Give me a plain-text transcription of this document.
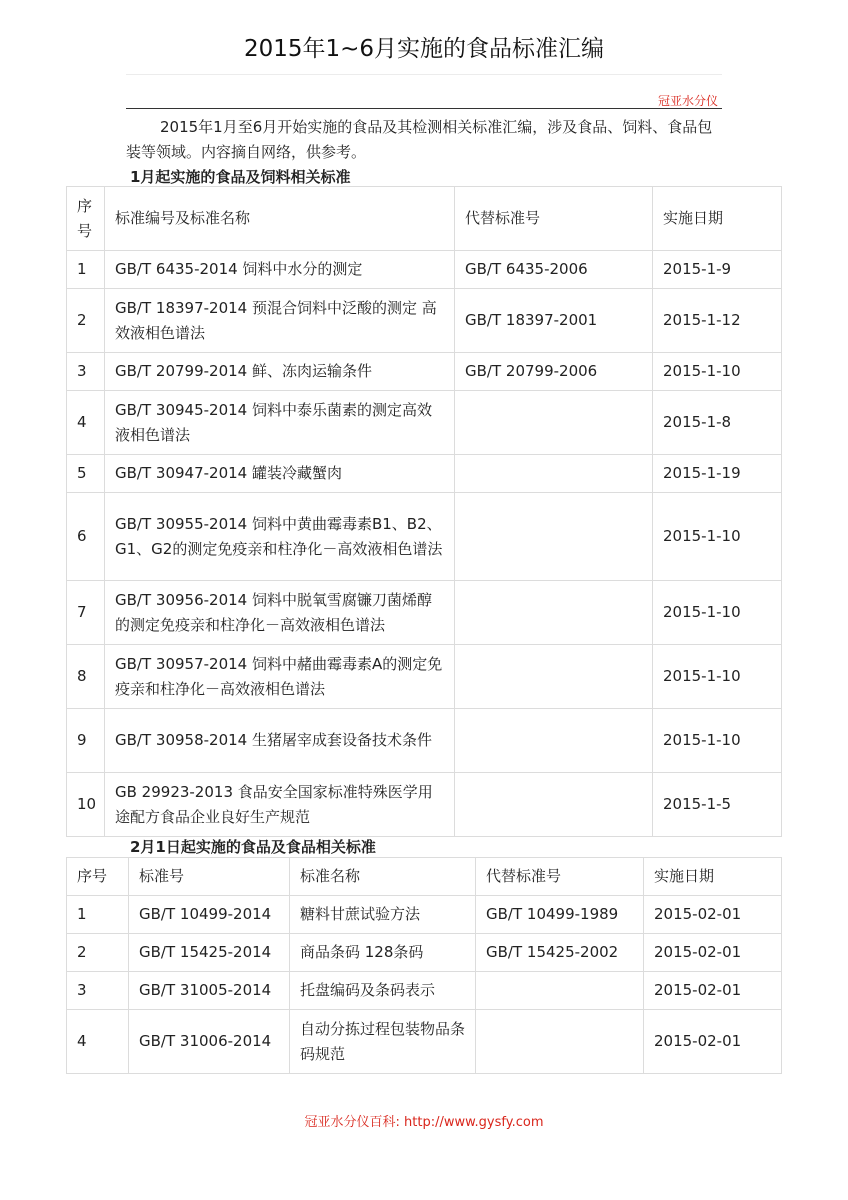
2015年1~6月实施的食品标准汇编
冠亚水分仪
2015年1月至6月开始实施的食品及其检测相关标准汇编，涉及食品、饲料、食品包装等领域。内容摘自网络，供参考。
1月起实施的食品及饲料相关标准
序号	标准编号及标准名称	代替标准号	实施日期
1	GB/T 6435-2014 饲料中水分的测定	GB/T 6435-2006	2015-1-9
2	GB/T 18397-2014 预混合饲料中泛酸的测定 高效液相色谱法	GB/T 18397-2001	2015-1-12
3	GB/T 20799-2014 鲜、冻肉运输条件	GB/T 20799-2006	2015-1-10
4	GB/T 30945-2014 饲料中泰乐菌素的测定高效液相色谱法		2015-1-8
5	GB/T 30947-2014 罐装冷藏蟹肉		2015-1-19
6	GB/T 30955-2014 饲料中黄曲霉毒素B1、B2、G1、G2的测定免疫亲和柱净化－高效液相色谱法		2015-1-10
7	GB/T 30956-2014 饲料中脱氧雪腐镰刀菌烯醇的测定免疫亲和柱净化－高效液相色谱法		2015-1-10
8	GB/T 30957-2014 饲料中赭曲霉毒素A的测定免疫亲和柱净化－高效液相色谱法		2015-1-10
9	GB/T 30958-2014 生猪屠宰成套设备技术条件		2015-1-10
10	GB 29923-2013 食品安全国家标准特殊医学用途配方食品企业良好生产规范		2015-1-5
2月1日起实施的食品及食品相关标准
序号	标准号	标准名称	代替标准号	实施日期
1	GB/T 10499-2014	糖料甘蔗试验方法	GB/T 10499-1989	2015-02-01
2	GB/T 15425-2014	商品条码 128条码	GB/T 15425-2002	2015-02-01
3	GB/T 31005-2014	托盘编码及条码表示		2015-02-01
4	GB/T 31006-2014	自动分拣过程包装物品条码规范		2015-02-01
冠亚水分仪百科: http://www.gysfy.com
